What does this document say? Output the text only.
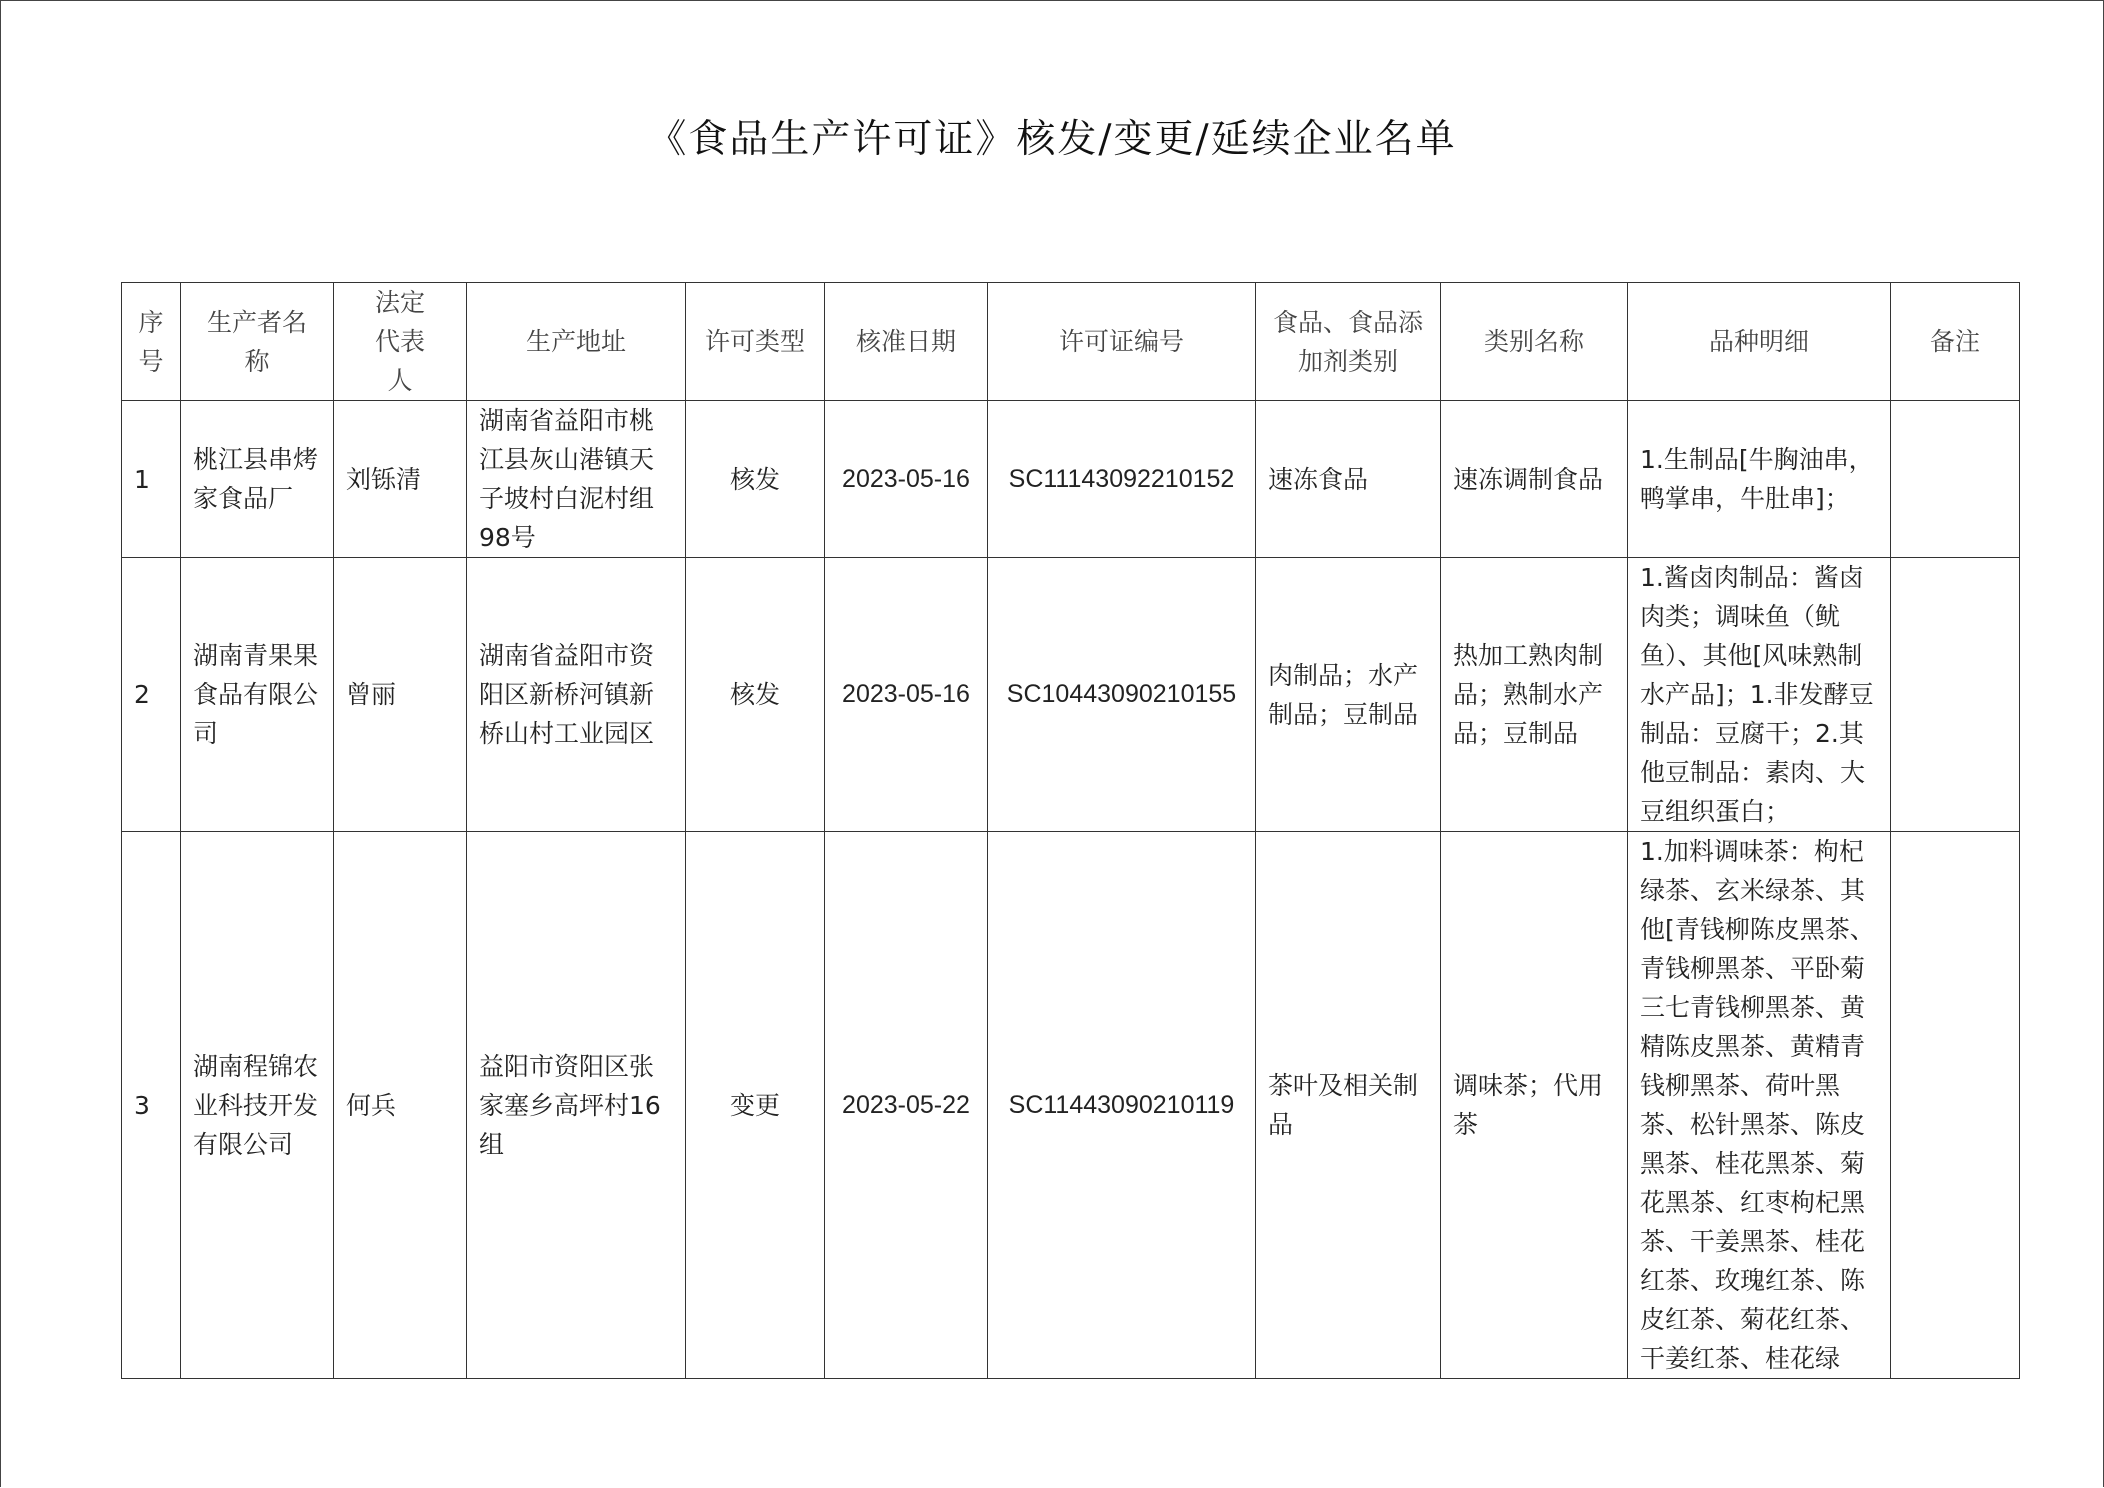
《食品生产许可证》核发/变更/延续企业名单
序号	生产者名称	法定代表人	生产地址	许可类型	核准日期	许可证编号	食品、食品添加剂类别	类别名称	品种明细	备注
1	桃江县串烤家食品厂	刘铄清	湖南省益阳市桃江县灰山港镇天子坡村白泥村组98号	核发	2023-05-16	SC11143092210152	速冻食品	速冻调制食品	1.生制品[牛胸油串，鸭掌串，牛肚串]；	
2	湖南青果果食品有限公司	曾丽	湖南省益阳市资阳区新桥河镇新桥山村工业园区	核发	2023-05-16	SC10443090210155	肉制品；水产制品；豆制品	热加工熟肉制品；熟制水产品；豆制品	1.酱卤肉制品：酱卤肉类；调味鱼（鱿鱼）、其他[风味熟制水产品]；1.非发酵豆制品：豆腐干；2.其他豆制品：素肉、大豆组织蛋白；	
3	湖南程锦农业科技开发有限公司	何兵	益阳市资阳区张家塞乡高坪村16组	变更	2023-05-22	SC11443090210119	茶叶及相关制品	调味茶；代用茶	1.加料调味茶：枸杞绿茶、玄米绿茶、其他[青钱柳陈皮黑茶、青钱柳黑茶、平卧菊三七青钱柳黑茶、黄精陈皮黑茶、黄精青钱柳黑茶、荷叶黑茶、松针黑茶、陈皮黑茶、桂花黑茶、菊花黑茶、红枣枸杞黑茶、干姜黑茶、桂花红茶、玫瑰红茶、陈皮红茶、菊花红茶、干姜红茶、桂花绿	
